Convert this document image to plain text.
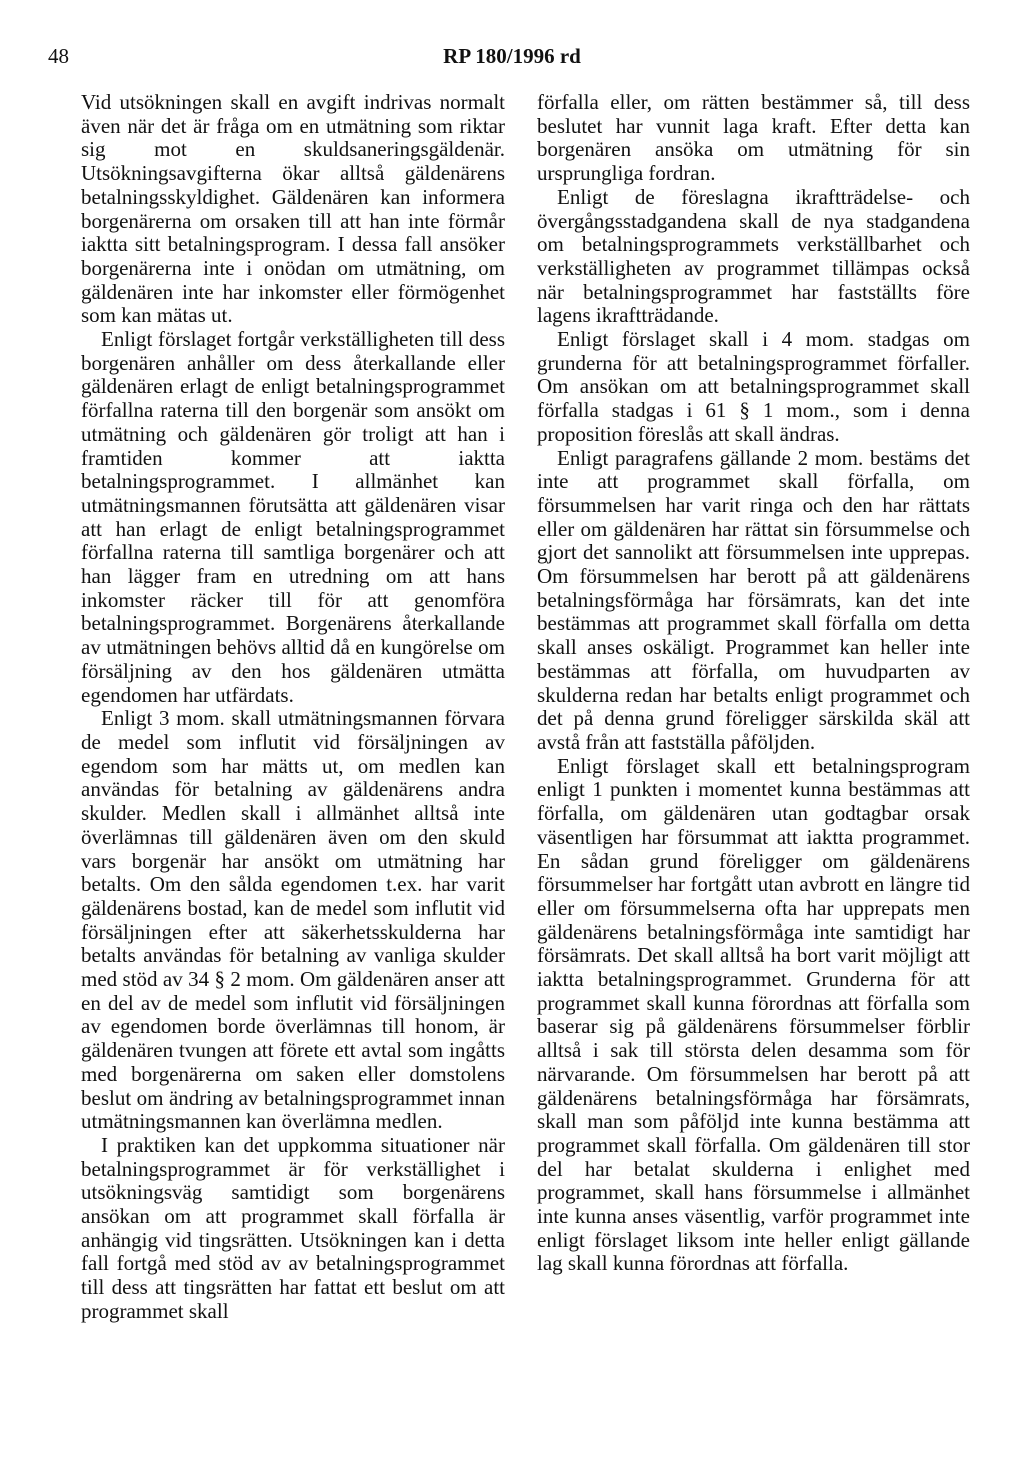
48	RP 180/1996 rd

Vid utsökningen skall en avgift indrivas normalt även när det är fråga om en utmätning som riktar sig mot en skuldsaneringsgäldenär. Utsökningsavgifterna ökar alltså gäldenärens betalningsskyldighet. Gäldenären kan informera borgenärerna om orsaken till att han inte förmår iaktta sitt betalningsprogram. I dessa fall ansöker borgenärerna inte i onödan om utmätning, om gäldenären inte har inkomster eller förmögenhet som kan mätas ut.

Enligt förslaget fortgår verkställigheten till dess borgenären anhåller om dess återkallande eller gäldenären erlagt de enligt betalningsprogrammet förfallna raterna till den borgenär som ansökt om utmätning och gäldenären gör troligt att han i framtiden kommer att iaktta betalningsprogrammet. I allmänhet kan utmätningsmannen förutsätta att gäldenären visar att han erlagt de enligt betalningsprogrammet förfallna raterna till samtliga borgenärer och att han lägger fram en utredning om att hans inkomster räcker till för att genomföra betalningsprogrammet. Borgenärens återkallande av utmätningen behövs alltid då en kungörelse om försäljning av den hos gäldenären utmätta egendomen har utfärdats.

Enligt 3 mom. skall utmätningsmannen förvara de medel som influtit vid försäljningen av egendom som har mätts ut, om medlen kan användas för betalning av gäldenärens andra skulder. Medlen skall i allmänhet alltså inte överlämnas till gäldenären även om den skuld vars borgenär har ansökt om utmätning har betalts. Om den sålda egendomen t.ex. har varit gäldenärens bostad, kan de medel som influtit vid försäljningen efter att säkerhetsskulderna har betalts användas för betalning av vanliga skulder med stöd av 34 § 2 mom. Om gäldenären anser att en del av de medel som influtit vid försäljningen av egendomen borde överlämnas till honom, är gäldenären tvungen att förete ett avtal som ingåtts med borgenärerna om saken eller domstolens beslut om ändring av betalningsprogrammet innan utmätningsmannen kan överlämna medlen.

I praktiken kan det uppkomma situationer när betalningsprogrammet är för verkställighet i utsökningsväg samtidigt som borgenärens ansökan om att programmet skall förfalla är anhängig vid tingsrätten. Utsökningen kan i detta fall fortgå med stöd av av betalningsprogrammet till dess att tingsrätten har fattat ett beslut om att programmet skall

förfalla eller, om rätten bestämmer så, till dess beslutet har vunnit laga kraft. Efter detta kan borgenären ansöka om utmätning för sin ursprungliga fordran.

Enligt de föreslagna ikraftträdelse- och övergångsstadgandena skall de nya stadgandena om betalningsprogrammets verkställbarhet och verkställigheten av programmet tillämpas också när betalningsprogrammet har fastställts före lagens ikraftträdande.

Enligt förslaget skall i 4 mom. stadgas om grunderna för att betalningsprogrammet förfaller. Om ansökan om att betalningsprogrammet skall förfalla stadgas i 61 § 1 mom., som i denna proposition föreslås att skall ändras.

Enligt paragrafens gällande 2 mom. bestäms det inte att programmet skall förfalla, om försummelsen har varit ringa och den har rättats eller om gäldenären har rättat sin försummelse och gjort det sannolikt att försummelsen inte upprepas. Om försummelsen har berott på att gäldenärens betalningsförmåga har försämrats, kan det inte bestämmas att programmet skall förfalla om detta skall anses oskäligt. Programmet kan heller inte bestämmas att förfalla, om huvudparten av skulderna redan har betalts enligt programmet och det på denna grund föreligger särskilda skäl att avstå från att fastställa påföljden.

Enligt förslaget skall ett betalningsprogram enligt 1 punkten i momentet kunna bestämmas att förfalla, om gäldenären utan godtagbar orsak väsentligen har försummat att iaktta programmet. En sådan grund föreligger om gäldenärens försummelser har fortgått utan avbrott en längre tid eller om försummelserna ofta har upprepats men gäldenärens betalningsförmåga inte samtidigt har försämrats. Det skall alltså ha bort varit möjligt att iaktta betalningsprogrammet. Grunderna för att programmet skall kunna förordnas att förfalla som baserar sig på gäldenärens försummelser förblir alltså i sak till största delen desamma som för närvarande. Om försummelsen har berott på att gäldenärens betalningsförmåga har försämrats, skall man som påföljd inte kunna bestämma att programmet skall förfalla. Om gäldenären till stor del har betalat skulderna i enlighet med programmet, skall hans försummelse i allmänhet inte kunna anses väsentlig, varför programmet inte enligt förslaget liksom inte heller enligt gällande lag skall kunna förordnas att förfalla.
